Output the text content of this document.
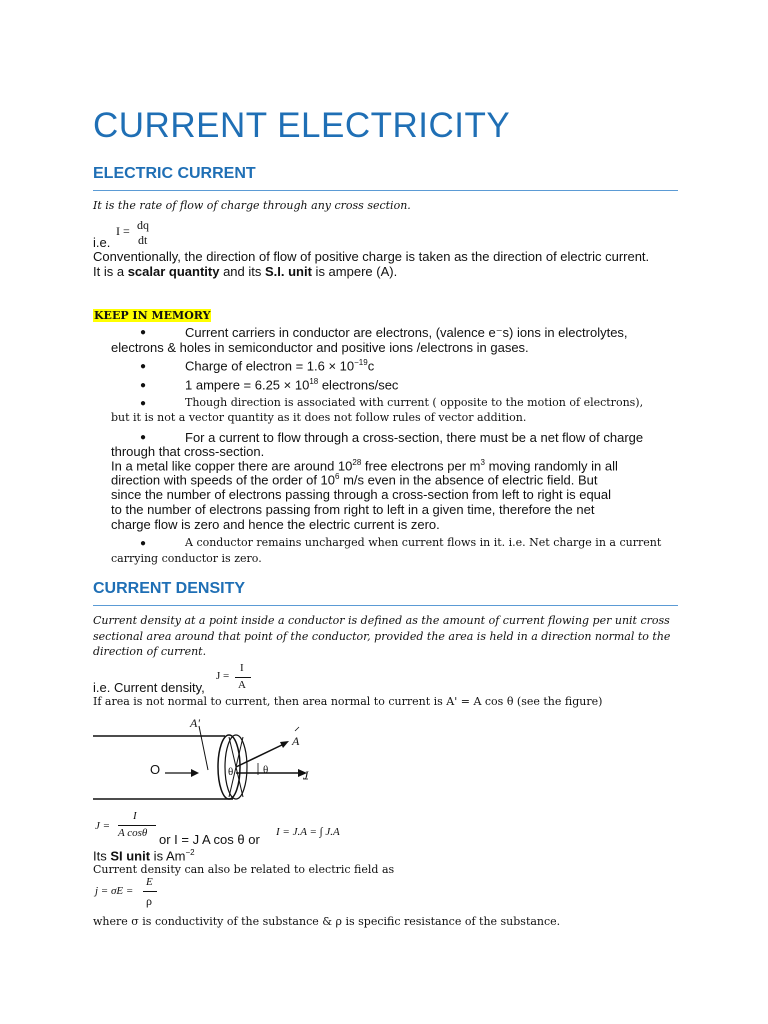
CURRENT ELECTRICITY
ELECTRIC CURRENT
It is the rate of flow of charge through any cross section.
I = dq
dt
i.e.
Conventionally, the direction of flow of positive charge is taken as the direction of electric current.
It is a scalar quantity and its S.I. unit is ampere (A).
KEEP IN MEMORY
●	Current carriers in conductor are electrons, (valence e⁻s) ions in electrolytes,
electrons & holes in semiconductor and positive ions /electrons in gases.
●	Charge of electron = $1.6 \times 10^{-19}c$
●	1 ampere = $6.25 \times 10^{18}$ electrons/sec
●	Though direction is associated with current ( opposite to the motion of electrons),
but it is not a vector quantity as it does not follow rules of vector addition.
●	For a current to flow through a cross-section, there must be a net flow of charge
through that cross-section.
In a metal like copper there are around $10^{28}$ free electrons per $m^3$ moving randomly in all
direction with speeds of the order of $10^6$ m/s even in the absence of electric field. But
since the number of electrons passing through a cross-section from left to right is equal
to the number of electrons passing from right to left in a given time, therefore the net
charge flow is zero and hence the electric current is zero.
●	A conductor remains uncharged when current flows in it. i.e. Net charge in a current
carrying conductor is zero.
CURRENT DENSITY
Current density at a point inside a conductor is defined as the amount of current flowing per unit cross
sectional area around that point of the conductor, provided the area is held in a direction normal to the
direction of current.
J =
I
A
i.e. Current density,
If area is not normal to current, then area normal to current is A' = A cos θ (see the figure)
A'
A
O	θ	θ	J
J =
I
A cosθ or I = J A cos θ or I = J.A = ∫ J.A
Its SI unit is $Am^{-2}$
Current density can also be related to electric field as
j = σE =
E
ρ
where σ is conductivity of the substance & ρ is specific resistance of the substance.
